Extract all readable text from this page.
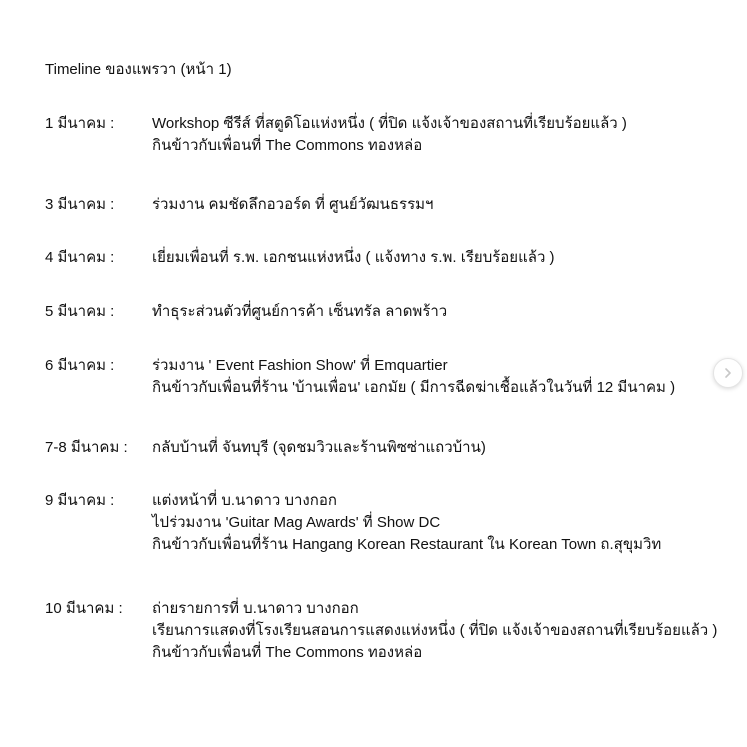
Timeline ของแพรวา (หน้า 1)
1 มีนาคม :	Workshop ซีรีส์ ที่สตูดิโอแห่งหนึ่ง ( ที่ปิด แจ้งเจ้าของสถานที่เรียบร้อยแล้ว )
กินข้าวกับเพื่อนที่ The Commons ทองหล่อ
3 มีนาคม :	ร่วมงาน คมชัดลึกอวอร์ด ที่ ศูนย์วัฒนธรรมฯ
4 มีนาคม :	เยี่ยมเพื่อนที่ ร.พ. เอกชนแห่งหนึ่ง ( แจ้งทาง ร.พ. เรียบร้อยแล้ว )
5 มีนาคม :	ทำธุระส่วนตัวที่ศูนย์การค้า เซ็นทรัล ลาดพร้าว
6 มีนาคม :	ร่วมงาน ' Event Fashion Show' ที่ Emquartier
กินข้าวกับเพื่อนที่ร้าน 'บ้านเพื่อน' เอกมัย ( มีการฉีดฆ่าเชื้อแล้วในวันที่ 12 มีนาคม )
7-8 มีนาคม : กลับบ้านที่ จันทบุรี (จุดชมวิวและร้านพิซซ่าแถวบ้าน)
9 มีนาคม :	แต่งหน้าที่ บ.นาดาว บางกอก
ไปร่วมงาน 'Guitar Mag Awards' ที่ Show DC
กินข้าวกับเพื่อนที่ร้าน Hangang Korean Restaurant ใน Korean Town ถ.สุขุมวิท
10 มีนาคม : ถ่ายรายการที่ บ.นาดาว บางกอก
เรียนการแสดงที่โรงเรียนสอนการแสดงแห่งหนึ่ง ( ที่ปิด แจ้งเจ้าของสถานที่เรียบร้อยแล้ว )
กินข้าวกับเพื่อนที่ The Commons ทองหล่อ
